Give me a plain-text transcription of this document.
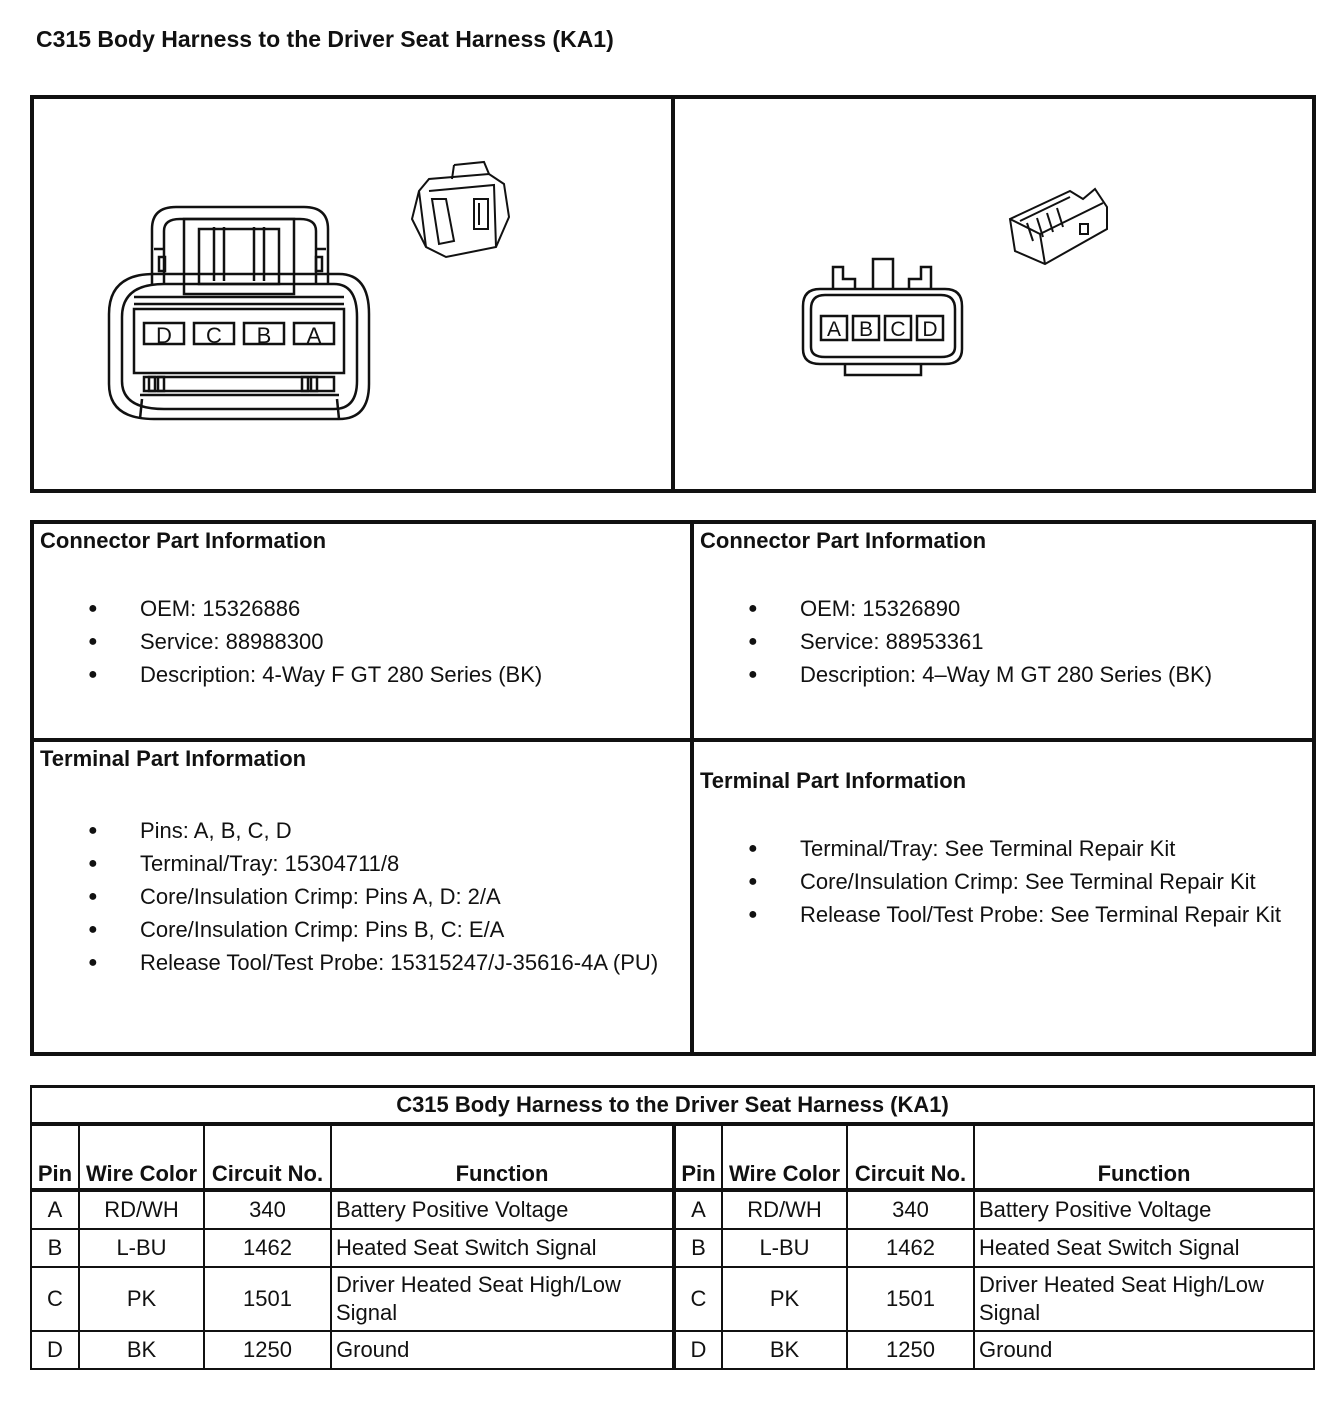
C315 Body Harness to the Driver Seat Harness (KA1)
D C B A	A B C D
Connector Part Information
● OEM: 15326886
● Service: 88988300
● Description: 4-Way F GT 280 Series (BK)
Connector Part Information
● OEM: 15326890
● Service: 88953361
● Description: 4–Way M GT 280 Series (BK)
Terminal Part Information
● Pins: A, B, C, D
● Terminal/Tray: 15304711/8
● Core/Insulation Crimp: Pins A, D: 2/A
● Core/Insulation Crimp: Pins B, C: E/A
● Release Tool/Test Probe: 15315247/J-35616-4A (PU)
Terminal Part Information
● Terminal/Tray: See Terminal Repair Kit
● Core/Insulation Crimp: See Terminal Repair Kit
● Release Tool/Test Probe: See Terminal Repair Kit
C315 Body Harness to the Driver Seat Harness (KA1)							
Pin	Wire Color	Circuit No.	Function	Pin	Wire Color	Circuit No.	Function
A	RD/WH	340	Battery Positive Voltage	A	RD/WH	340	Battery Positive Voltage
B	L-BU	1462	Heated Seat Switch Signal	B	L-BU	1462	Heated Seat Switch Signal
C	PK	1501	Driver Heated Seat High/Low Signal	C	PK	1501	Driver Heated Seat High/Low Signal
D	BK	1250	Ground	D	BK	1250	Ground
